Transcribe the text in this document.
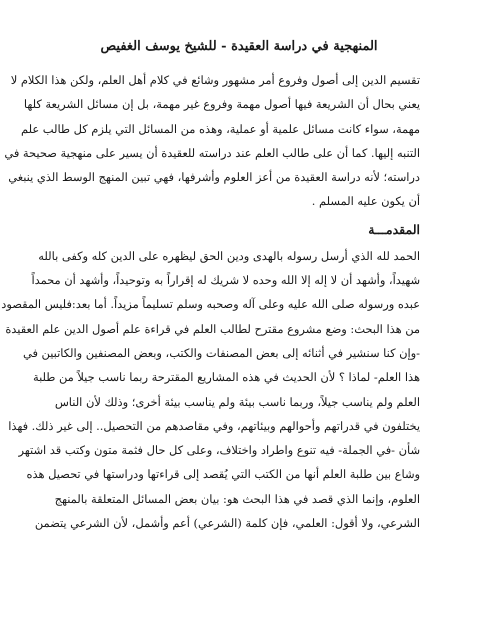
المنهجية في دراسة العقيدة - للشيخ يوسف الغفيص

تقسيم الدين إلى أصول وفروع أمر مشهور وشائع في كلام أهل العلم، ولكن هذا الكلام لا
يعني بحال أن الشريعة فيها أصول مهمة وفروع غير مهمة، بل إن مسائل الشريعة كلها
مهمة، سواء كانت مسائل علمية أو عملية، وهذه من المسائل التي يلزم كل طالب علم
التنبه إليها. كما أن على طالب العلم عند دراسته للعقيدة أن يسير على منهجية صحيحة في
دراسته؛ لأنه دراسة العقيدة من أعز العلوم وأشرفها، فهي تبين المنهج الوسط الذي ينبغي
أن يكون عليه المسلم .

المقدمـــة

الحمد لله الذي أرسل رسوله بالهدى ودين الحق ليظهره على الدين كله وكفى بالله
شهيداً، وأشهد أن لا إله إلا الله وحده لا شريك له إقراراً به وتوحيداً، وأشهد أن محمداً
عبده ورسوله صلى الله عليه وعلى آله وصحبه وسلم تسليماً مزيداً. أما بعد:فليس المقصود
من هذا البحث: وضع مشروع مقترح لطالب العلم في قراءة علم أصول الدين علم العقيدة
-وإن كنا سنشير في أثنائه إلى بعض المصنفات والكتب، وبعض المصنفين والكاتبين في
هذا العلم- لماذا ؟ لأن الحديث في هذه المشاريع المقترحة ربما ناسب جيلاً من طلبة
العلم ولم يناسب جيلاً، وربما ناسب بيئة ولم يناسب بيئة أخرى؛ وذلك لأن الناس
يختلفون في قدراتهم وأحوالهم وبيئاتهم، وفي مقاصدهم من التحصيل.. إلى غير ذلك. فهذا
شأن -في الجملة- فيه تنوع واطراد واختلاف، وعلى كل حال فثمة متون وكتب قد اشتهر
وشاع بين طلبة العلم أنها من الكتب التي يُقصد إلى قراءتها ودراستها في تحصيل هذه
العلوم، وإنما الذي قصد في هذا البحث هو: بيان بعض المسائل المتعلقة بالمنهج
الشرعي، ولا أقول: العلمي، فإن كلمة (الشرعي) أعم وأشمل، لأن الشرعي يتضمن
